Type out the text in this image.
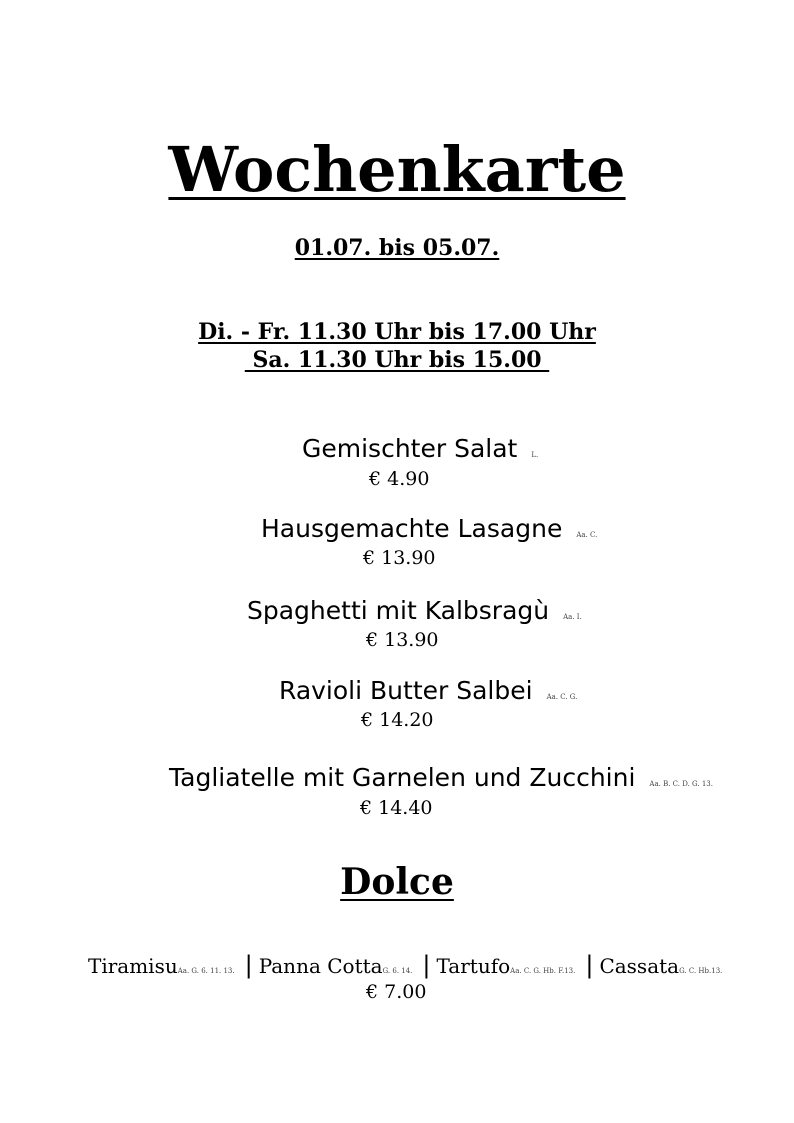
Wochenkarte
01.07. bis 05.07.
Di. - Fr. 11.30 Uhr bis 17.00 Uhr
Sa. 11.30 Uhr bis 15.00
Gemischter Salat L.
€ 4.90
Hausgemachte Lasagne Aa. C.
€ 13.90
Spaghetti mit Kalbsragù Aa. I.
€ 13.90
Ravioli Butter Salbei Aa. C. G.
€ 14.20
Tagliatelle mit Garnelen und Zucchini Aa. B. C. D. G. 13.
€ 14.40
Dolce
TiramisuAa. G. 6. 11. 13. | Panna CottaG. 6. 14. | TartufoAa. C. G. Hb. F.13. | CassataG. C. Hb.13.
€ 7.00
